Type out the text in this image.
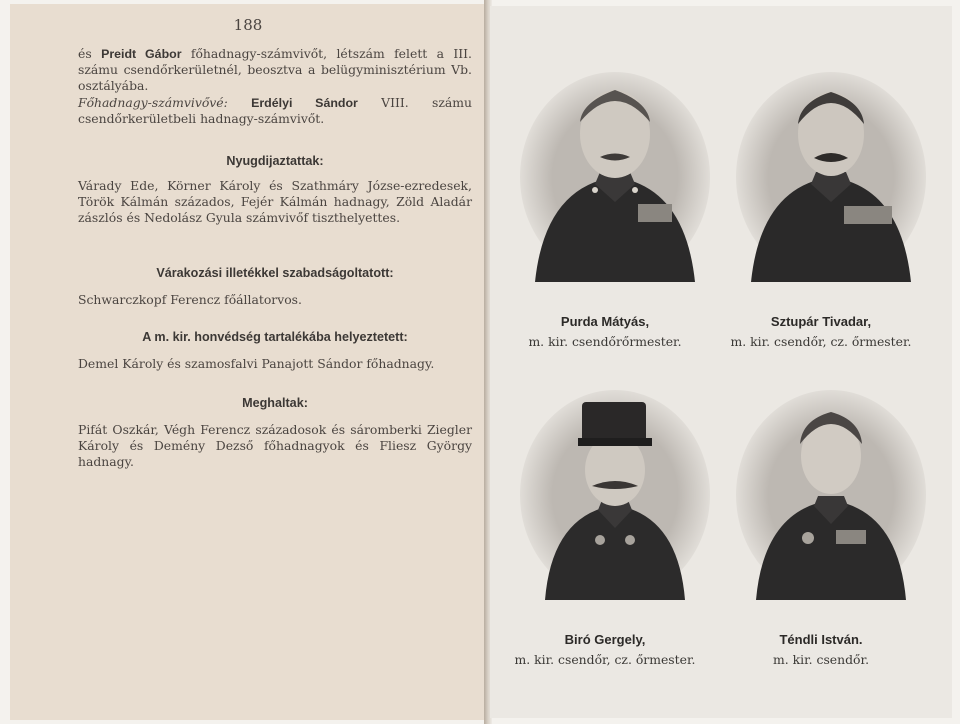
188

és Preidt Gábor főhadnagy-számvivőt, létszám felett a III. számu csendőrkerületnél, beosztva a belügyminisztérium Vb. osztályába.
Főhadnagy-számvivővé: Erdélyi Sándor VIII. számu csendőrkerületbeli hadnagy-számvivőt.

Nyugdijaztattak:

Várady Ede, Körner Károly és Szathmáry Józse-ezredesek, Török Kálmán százados, Fejér Kálmán hadnagy, Zöld Aladár zászlós és Nedolász Gyula számvivőf tiszthelyettes.

Várakozási illetékkel szabadságoltatott:

Schwarczkopf Ferencz főállatorvos.

A m. kir. honvédség tartalékába helyeztetett:

Demel Károly és szamosfalvi Panajott Sándor főhadnagy.

Meghaltak:

Pifát Oszkár, Végh Ferencz századosok és sáromberki Ziegler Károly és Demény Dezső főhadnagyok és Fliesz György hadnagy.

Purda Mátyás,
m. kir. csendőrőrmester.
Sztupár Tivadar,
m. kir. csendőr, cz. őrmester.
Biró Gergely,
m. kir. csendőr, cz. őrmester.
Téndli István.
m. kir. csendőr.
